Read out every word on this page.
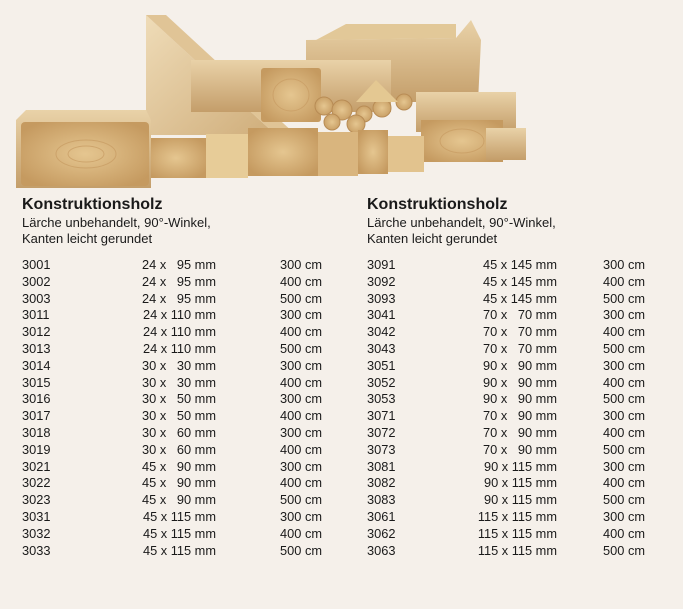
Konstruktionsholz
Lärche unbehandelt, 90°-Winkel,
Kanten leicht gerundet
3001	24 x   95 mm	300 cm
3002	24 x   95 mm	400 cm
3003	24 x   95 mm	500 cm
3011	24 x 110 mm	300 cm
3012	24 x 110 mm	400 cm
3013	24 x 110 mm	500 cm
3014	30 x   30 mm	300 cm
3015	30 x   30 mm	400 cm
3016	30 x   50 mm	300 cm
3017	30 x   50 mm	400 cm
3018	30 x   60 mm	300 cm
3019	30 x   60 mm	400 cm
3021	45 x   90 mm	300 cm
3022	45 x   90 mm	400 cm
3023	45 x   90 mm	500 cm
3031	45 x 115 mm	300 cm
3032	45 x 115 mm	400 cm
3033	45 x 115 mm	500 cm
Konstruktionsholz
Lärche unbehandelt, 90°-Winkel,
Kanten leicht gerundet
3091	45 x 145 mm	300 cm
3092	45 x 145 mm	400 cm
3093	45 x 145 mm	500 cm
3041	70 x   70 mm	300 cm
3042	70 x   70 mm	400 cm
3043	70 x   70 mm	500 cm
3051	90 x   90 mm	300 cm
3052	90 x   90 mm	400 cm
3053	90 x   90 mm	500 cm
3071	70 x   90 mm	300 cm
3072	70 x   90 mm	400 cm
3073	70 x   90 mm	500 cm
3081	90 x 115 mm	300 cm
3082	90 x 115 mm	400 cm
3083	90 x 115 mm	500 cm
3061	115 x 115 mm	300 cm
3062	115 x 115 mm	400 cm
3063	115 x 115 mm	500 cm
